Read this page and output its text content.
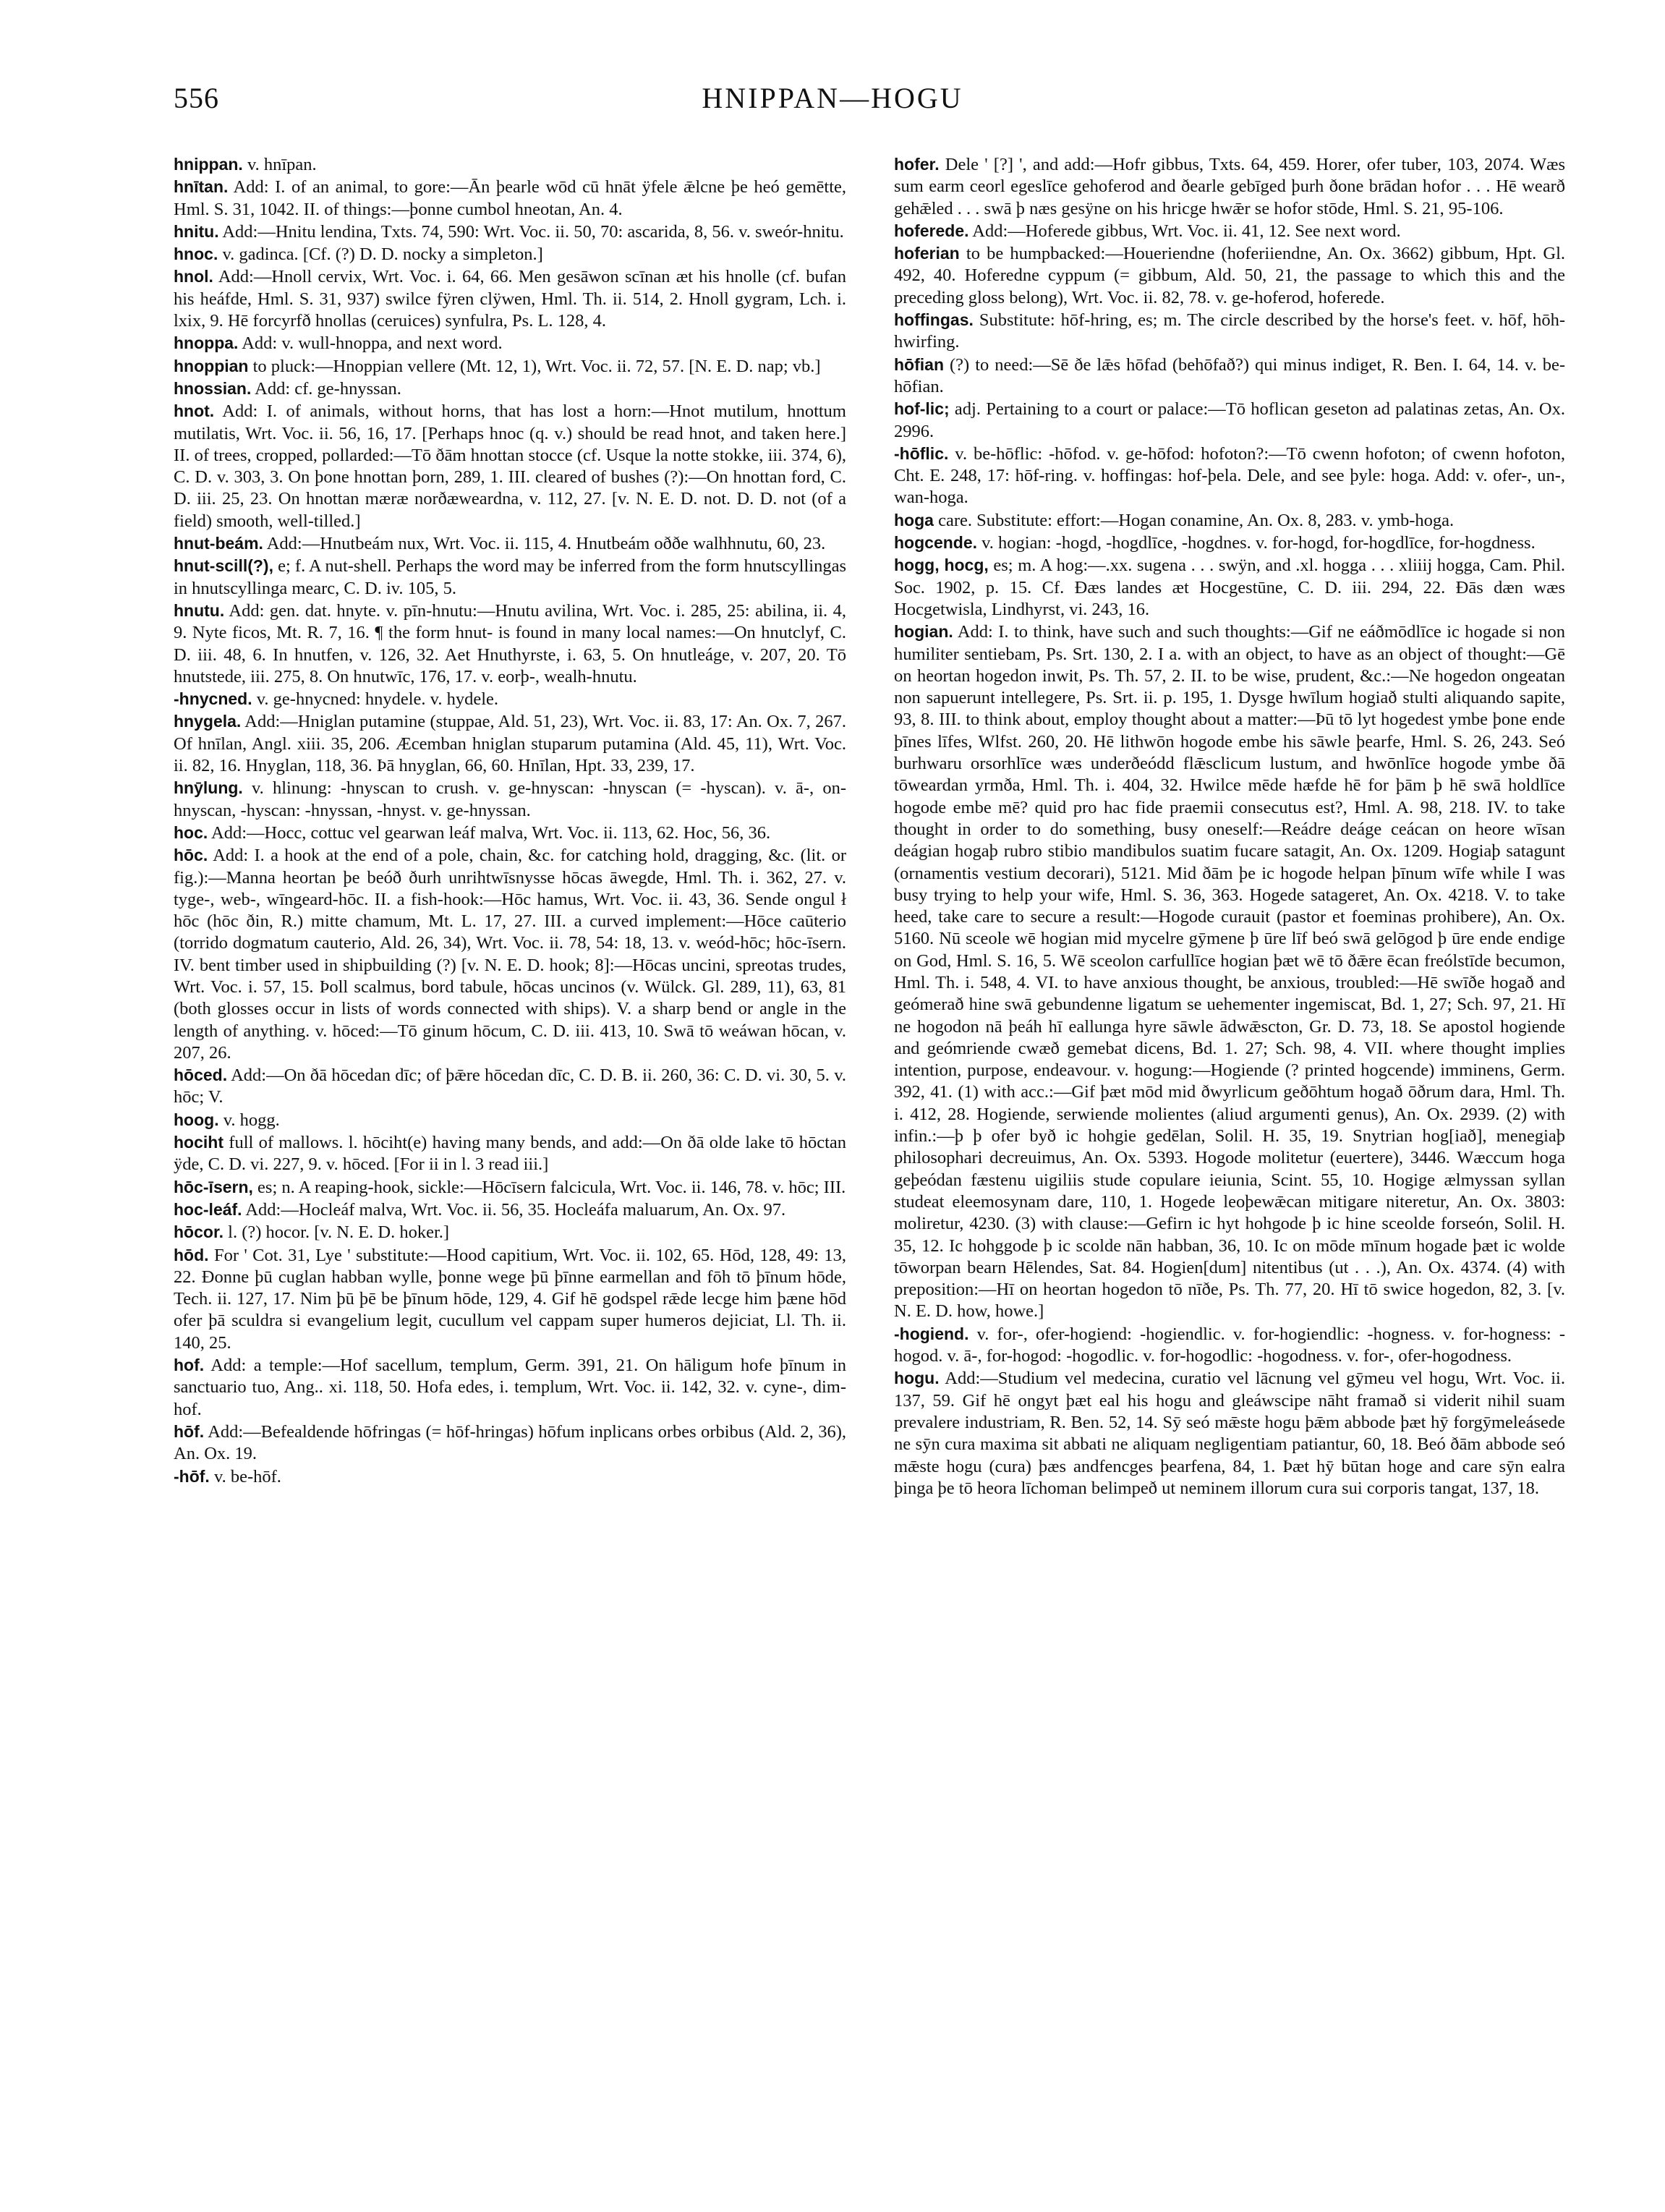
556	HNIPPAN—HOGU

hnippan. v. hnīpan.

hnītan. Add: I. of an animal, to gore:—Ān þearle wōd cū hnāt ÿfele ǣlcne þe heó gemētte, Hml. S. 31, 1042. II. of things:—þonne cumbol hneotan, An. 4.

hnitu. Add:—Hnitu lendina, Txts. 74, 590: Wrt. Voc. ii. 50, 70: ascarida, 8, 56. v. sweór-hnitu.

hnoc. v. gadinca. [Cf. (?) D. D. nocky a simpleton.]

hnol. Add:—Hnoll cervix, Wrt. Voc. i. 64, 66. Men gesāwon scīnan æt his hnolle (cf. bufan his heáfde, Hml. S. 31, 937) swilce fÿren clÿwen, Hml. Th. ii. 514, 2. Hnoll gygram, Lch. i. lxix, 9. Hē forcyrfð hnollas (ceruices) synfulra, Ps. L. 128, 4.

hnoppa. Add: v. wull-hnoppa, and next word.

hnoppian to pluck:—Hnoppian vellere (Mt. 12, 1), Wrt. Voc. ii. 72, 57. [N. E. D. nap; vb.]

hnossian. Add: cf. ge-hnyssan.

hnot. Add: I. of animals, without horns, that has lost a horn:—Hnot mutilum, hnottum mutilatis, Wrt. Voc. ii. 56, 16, 17. [Perhaps hnoc (q. v.) should be read hnot, and taken here.] II. of trees, cropped, pollarded:—Tō ðām hnottan stocce (cf. Usque la notte stokke, iii. 374, 6), C. D. v. 303, 3. On þone hnottan þorn, 289, 1. III. cleared of bushes (?):—On hnottan ford, C. D. iii. 25, 23. On hnottan mæræ norðæweardna, v. 112, 27. [v. N. E. D. not. D. D. not (of a field) smooth, well-tilled.]

hnut-beám. Add:—Hnutbeám nux, Wrt. Voc. ii. 115, 4. Hnutbeám oððe walhhnutu, 60, 23.

hnut-scill(?), e; f. A nut-shell. Perhaps the word may be inferred from the form hnutscyllingas in hnutscyllinga mearc, C. D. iv. 105, 5.

hnutu. Add: gen. dat. hnyte. v. pīn-hnutu:—Hnutu avilina, Wrt. Voc. i. 285, 25: abilina, ii. 4, 9. Nyte ficos, Mt. R. 7, 16. ¶ the form hnut- is found in many local names:—On hnutclyf, C. D. iii. 48, 6. In hnutfen, v. 126, 32. Aet Hnuthyrste, i. 63, 5. On hnutleáge, v. 207, 20. Tō hnutstede, iii. 275, 8. On hnutwīc, 176, 17. v. eorþ-, wealh-hnutu.

-hnycned. v. ge-hnycned: hnydele. v. hydele.

hnygela. Add:—Hniglan putamine (stuppae, Ald. 51, 23), Wrt. Voc. ii. 83, 17: An. Ox. 7, 267. Of hnīlan, Angl. xiii. 35, 206. Æcemban hniglan stuparum putamina (Ald. 45, 11), Wrt. Voc. ii. 82, 16. Hnyglan, 118, 36. Þā hnyglan, 66, 60. Hnīlan, Hpt. 33, 239, 17.

hnȳlung. v. hlinung: -hnyscan to crush. v. ge-hnyscan: -hnyscan (= -hyscan). v. ā-, on-hnyscan, -hyscan: -hnyssan, -hnyst. v. ge-hnyssan.

hoc. Add:—Hocc, cottuc vel gearwan leáf malva, Wrt. Voc. ii. 113, 62. Hoc, 56, 36.

hōc. Add: I. a hook at the end of a pole, chain, &c. for catching hold, dragging, &c. (lit. or fig.):—Manna heortan þe beóð ðurh unrihtwīsnysse hōcas āwegde, Hml. Th. i. 362, 27. v. tyge-, web-, wīngeard-hōc. II. a fish-hook:—Hōc hamus, Wrt. Voc. ii. 43, 36. Sende ongul ł hōc (hōc ðin, R.) mitte chamum, Mt. L. 17, 27. III. a curved implement:—Hōce caūterio (torrido dogmatum cauterio, Ald. 26, 34), Wrt. Voc. ii. 78, 54: 18, 13. v. weód-hōc; hōc-īsern. IV. bent timber used in shipbuilding (?) [v. N. E. D. hook; 8]:—Hōcas uncini, spreotas trudes, Wrt. Voc. i. 57, 15. Þoll scalmus, bord tabule, hōcas uncinos (v. Wülck. Gl. 289, 11), 63, 81 (both glosses occur in lists of words connected with ships). V. a sharp bend or angle in the length of anything. v. hōced:—Tō ginum hōcum, C. D. iii. 413, 10. Swā tō weáwan hōcan, v. 207, 26.

hōced. Add:—On ðā hōcedan dīc; of þǣre hōcedan dīc, C. D. B. ii. 260, 36: C. D. vi. 30, 5. v. hōc; V.

hoog. v. hogg.

hociht full of mallows. l. hōciht(e) having many bends, and add:—On ðā olde lake tō hōctan ÿde, C. D. vi. 227, 9. v. hōced. [For ii in l. 3 read iii.]

hōc-īsern, es; n. A reaping-hook, sickle:—Hōcīsern falcicula, Wrt. Voc. ii. 146, 78. v. hōc; III.

hoc-leáf. Add:—Hocleáf malva, Wrt. Voc. ii. 56, 35. Hocleáfa maluarum, An. Ox. 97.

hōcor. l. (?) hocor. [v. N. E. D. hoker.]

hōd. For ' Cot. 31, Lye ' substitute:—Hood capitium, Wrt. Voc. ii. 102, 65. Hōd, 128, 49: 13, 22. Ðonne þū cuglan habban wylle, þonne wege þū þīnne earmellan and fōh tō þīnum hōde, Tech. ii. 127, 17. Nim þū þē be þīnum hōde, 129, 4. Gif hē godspel rǣde lecge him þæne hōd ofer þā sculdra si evangelium legit, cucullum vel cappam super humeros dejiciat, Ll. Th. ii. 140, 25.

hof. Add: a temple:—Hof sacellum, templum, Germ. 391, 21. On hāligum hofe þīnum in sanctuario tuo, Ang.. xi. 118, 50. Hofa edes, i. templum, Wrt. Voc. ii. 142, 32. v. cyne-, dim-hof.

hōf. Add:—Befealdende hōfringas (= hōf-hringas) hōfum inplicans orbes orbibus (Ald. 2, 36), An. Ox. 19.

-hōf. v. be-hōf.

hofer. Dele ' [?] ', and add:—Hofr gibbus, Txts. 64, 459. Horer, ofer tuber, 103, 2074. Wæs sum earm ceorl egeslīce gehoferod and ðearle gebīged þurh ðone brādan hofor . . . Hē wearð gehǣled . . . swā þ næs gesÿne on his hricge hwǣr se hofor stōde, Hml. S. 21, 95-106.

hoferede. Add:—Hoferede gibbus, Wrt. Voc. ii. 41, 12. See next word.

hoferian to be humpbacked:—Houeriendne (hoferiiendne, An. Ox. 3662) gibbum, Hpt. Gl. 492, 40. Hoferedne cyppum (= gibbum, Ald. 50, 21, the passage to which this and the preceding gloss belong), Wrt. Voc. ii. 82, 78. v. ge-hoferod, hoferede.

hoffingas. Substitute: hōf-hring, es; m. The circle described by the horse's feet. v. hōf, hōh-hwirfing.

hōfian (?) to need:—Sē ðe lǣs hōfad (behōfað?) qui minus indiget, R. Ben. I. 64, 14. v. be-hōfian.

hof-lic; adj. Pertaining to a court or palace:—Tō hoflican geseton ad palatinas zetas, An. Ox. 2996.

-hōflic. v. be-hōflic: -hōfod. v. ge-hōfod: hofoton?:—Tō cwenn hofoton; of cwenn hofoton, Cht. E. 248, 17: hōf-ring. v. hoffingas: hof-þela. Dele, and see þyle: hoga. Add: v. ofer-, un-, wan-hoga.

hoga care. Substitute: effort:—Hogan conamine, An. Ox. 8, 283. v. ymb-hoga.

hogcende. v. hogian: -hogd, -hogdlīce, -hogdnes. v. for-hogd, for-hogdlīce, for-hogdness.

hogg, hocg, es; m. A hog:—.xx. sugena . . . swÿn, and .xl. hogga . . . xliiij hogga, Cam. Phil. Soc. 1902, p. 15. Cf. Ðæs landes æt Hocgestūne, C. D. iii. 294, 22. Ðās dæn wæs Hocgetwisla, Lindhyrst, vi. 243, 16.

hogian. Add: I. to think, have such and such thoughts:—Gif ne eáðmōdlīce ic hogade si non humiliter sentiebam, Ps. Srt. 130, 2. I a. with an object, to have as an object of thought:—Gē on heortan hogedon inwit, Ps. Th. 57, 2. II. to be wise, prudent, &c.:—Ne hogedon ongeatan non sapuerunt intellegere, Ps. Srt. ii. p. 195, 1. Dysge hwīlum hogiað stulti aliquando sapite, 93, 8. III. to think about, employ thought about a matter:—Þū tō lyt hogedest ymbe þone ende þīnes līfes, Wlfst. 260, 20. Hē lithwōn hogode embe his sāwle þearfe, Hml. S. 26, 243. Seó burhwaru orsorhlīce wæs underðeódd flǣsclicum lustum, and hwōnlīce hogode ymbe ðā tōweardan yrmða, Hml. Th. i. 404, 32. Hwilce mēde hæfde hē for þām þ hē swā holdlīce hogode embe mē? quid pro hac fide praemii consecutus est?, Hml. A. 98, 218. IV. to take thought in order to do something, busy oneself:—Reádre deáge ceácan on heore wīsan deágian hogaþ rubro stibio mandibulos suatim fucare satagit, An. Ox. 1209. Hogiaþ satagunt (ornamentis vestium decorari), 5121. Mid ðām þe ic hogode helpan þīnum wīfe while I was busy trying to help your wife, Hml. S. 36, 363. Hogede satageret, An. Ox. 4218. V. to take heed, take care to secure a result:—Hogode curauit (pastor et foeminas prohibere), An. Ox. 5160. Nū sceole wē hogian mid mycelre gȳmene þ ūre līf beó swā gelōgod þ ūre ende endige on God, Hml. S. 16, 5. Wē sceolon carfullīce hogian þæt wē tō ðǣre ēcan freólstīde becumon, Hml. Th. i. 548, 4. VI. to have anxious thought, be anxious, troubled:—Hē swīðe hogað and geómerað hine swā gebundenne ligatum se uehementer ingemiscat, Bd. 1, 27; Sch. 97, 21. Hī ne hogodon nā þeáh hī eallunga hyre sāwle ādwǣscton, Gr. D. 73, 18. Se apostol hogiende and geómriende cwæð gemebat dicens, Bd. 1. 27; Sch. 98, 4. VII. where thought implies intention, purpose, endeavour. v. hogung:—Hogiende (? printed hogcende) imminens, Germ. 392, 41. (1) with acc.:—Gif þæt mōd mid ðwyrlicum geðōhtum hogað ōðrum dara, Hml. Th. i. 412, 28. Hogiende, serwiende molientes (aliud argumenti genus), An. Ox. 2939. (2) with infin.:—þ þ ofer byð ic hohgie gedēlan, Solil. H. 35, 19. Snytrian hog[iað], menegiaþ philosophari decreuimus, An. Ox. 5393. Hogode molitetur (euertere), 3446. Wæccum hoga geþeódan fæstenu uigiliis stude copulare ieiunia, Scint. 55, 10. Hogige ælmyssan syllan studeat eleemosynam dare, 110, 1. Hogede leoþewǣcan mitigare niteretur, An. Ox. 3803: moliretur, 4230. (3) with clause:—Gefirn ic hyt hohgode þ ic hine sceolde forseón, Solil. H. 35, 12. Ic hohggode þ ic scolde nān habban, 36, 10. Ic on mōde mīnum hogade þæt ic wolde tōworpan bearn Hēlendes, Sat. 84. Hogien[dum] nitentibus (ut . . .), An. Ox. 4374. (4) with preposition:—Hī on heortan hogedon tō nīðe, Ps. Th. 77, 20. Hī tō swice hogedon, 82, 3. [v. N. E. D. how, howe.]

-hogiend. v. for-, ofer-hogiend: -hogiendlic. v. for-hogiendlic: -hogness. v. for-hogness: -hogod. v. ā-, for-hogod: -hogodlic. v. for-hogodlic: -hogodness. v. for-, ofer-hogodness.

hogu. Add:—Studium vel medecina, curatio vel lācnung vel gȳmeu vel hogu, Wrt. Voc. ii. 137, 59. Gif hē ongyt þæt eal his hogu and gleáwscipe nāht framað si viderit nihil suam prevalere industriam, R. Ben. 52, 14. Sȳ seó mǣste hogu þǣm abbode þæt hȳ forgȳmeleásede ne sȳn cura maxima sit abbati ne aliquam negligentiam patiantur, 60, 18. Beó ðām abbode seó mǣste hogu (cura) þæs andfencges þearfena, 84, 1. Þæt hȳ būtan hoge and care sȳn ealra þinga þe tō heora līchoman belimpeð ut neminem illorum cura sui corporis tangat, 137, 18.
